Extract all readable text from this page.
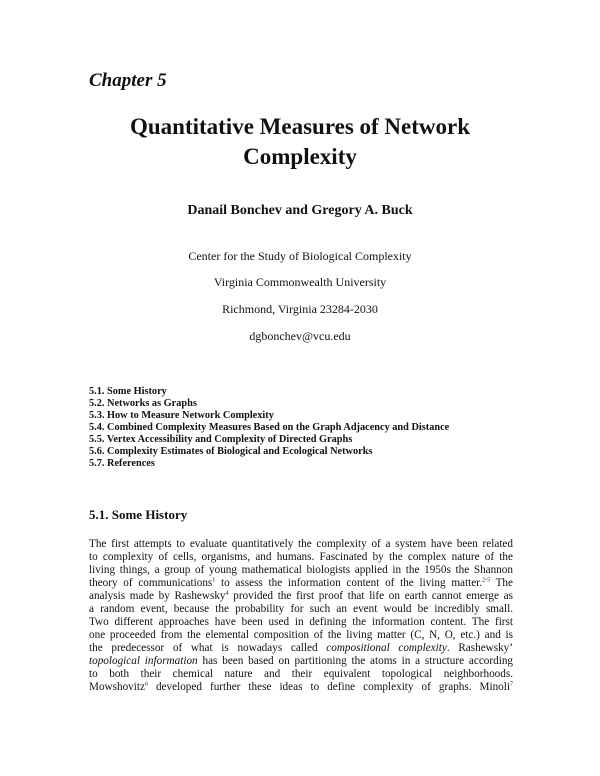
Chapter 5
Quantitative Measures of Network
Complexity
Danail Bonchev and Gregory A. Buck
Center for the Study of Biological Complexity
Virginia Commonwealth University
Richmond, Virginia 23284-2030
dgbonchev@vcu.edu
5.1. Some History
5.2. Networks as Graphs
5.3. How to Measure Network Complexity
5.4. Combined Complexity Measures Based on the Graph Adjacency and Distance
5.5. Vertex Accessibility and Complexity of Directed Graphs
5.6. Complexity Estimates of Biological and Ecological Networks
5.7. References
5.1. Some History
The first attempts to evaluate quantitatively the complexity of a system have been related
to complexity of cells, organisms, and humans. Fascinated by the complex nature of the
living things, a group of young mathematical biologists applied in the 1950s the Shannon
theory of communications$^1$ to assess the information content of the living matter.$^{2-5}$ The
analysis made by Rashewsky$^4$ provided the first proof that life on earth cannot emerge as
a random event, because the probability for such an event would be incredibly small.
Two different approaches have been used in defining the information content. The first
one proceeded from the elemental composition of the living matter (C, N, O, etc.) and is
the predecessor of what is nowadays called compositional complexity. Rashewsky’
topological information has been based on partitioning the atoms in a structure according
to both their chemical nature and their equivalent topological neighborhoods.
Mowshovitz$^6$ developed further these ideas to define complexity of graphs. Minoli$^7$
